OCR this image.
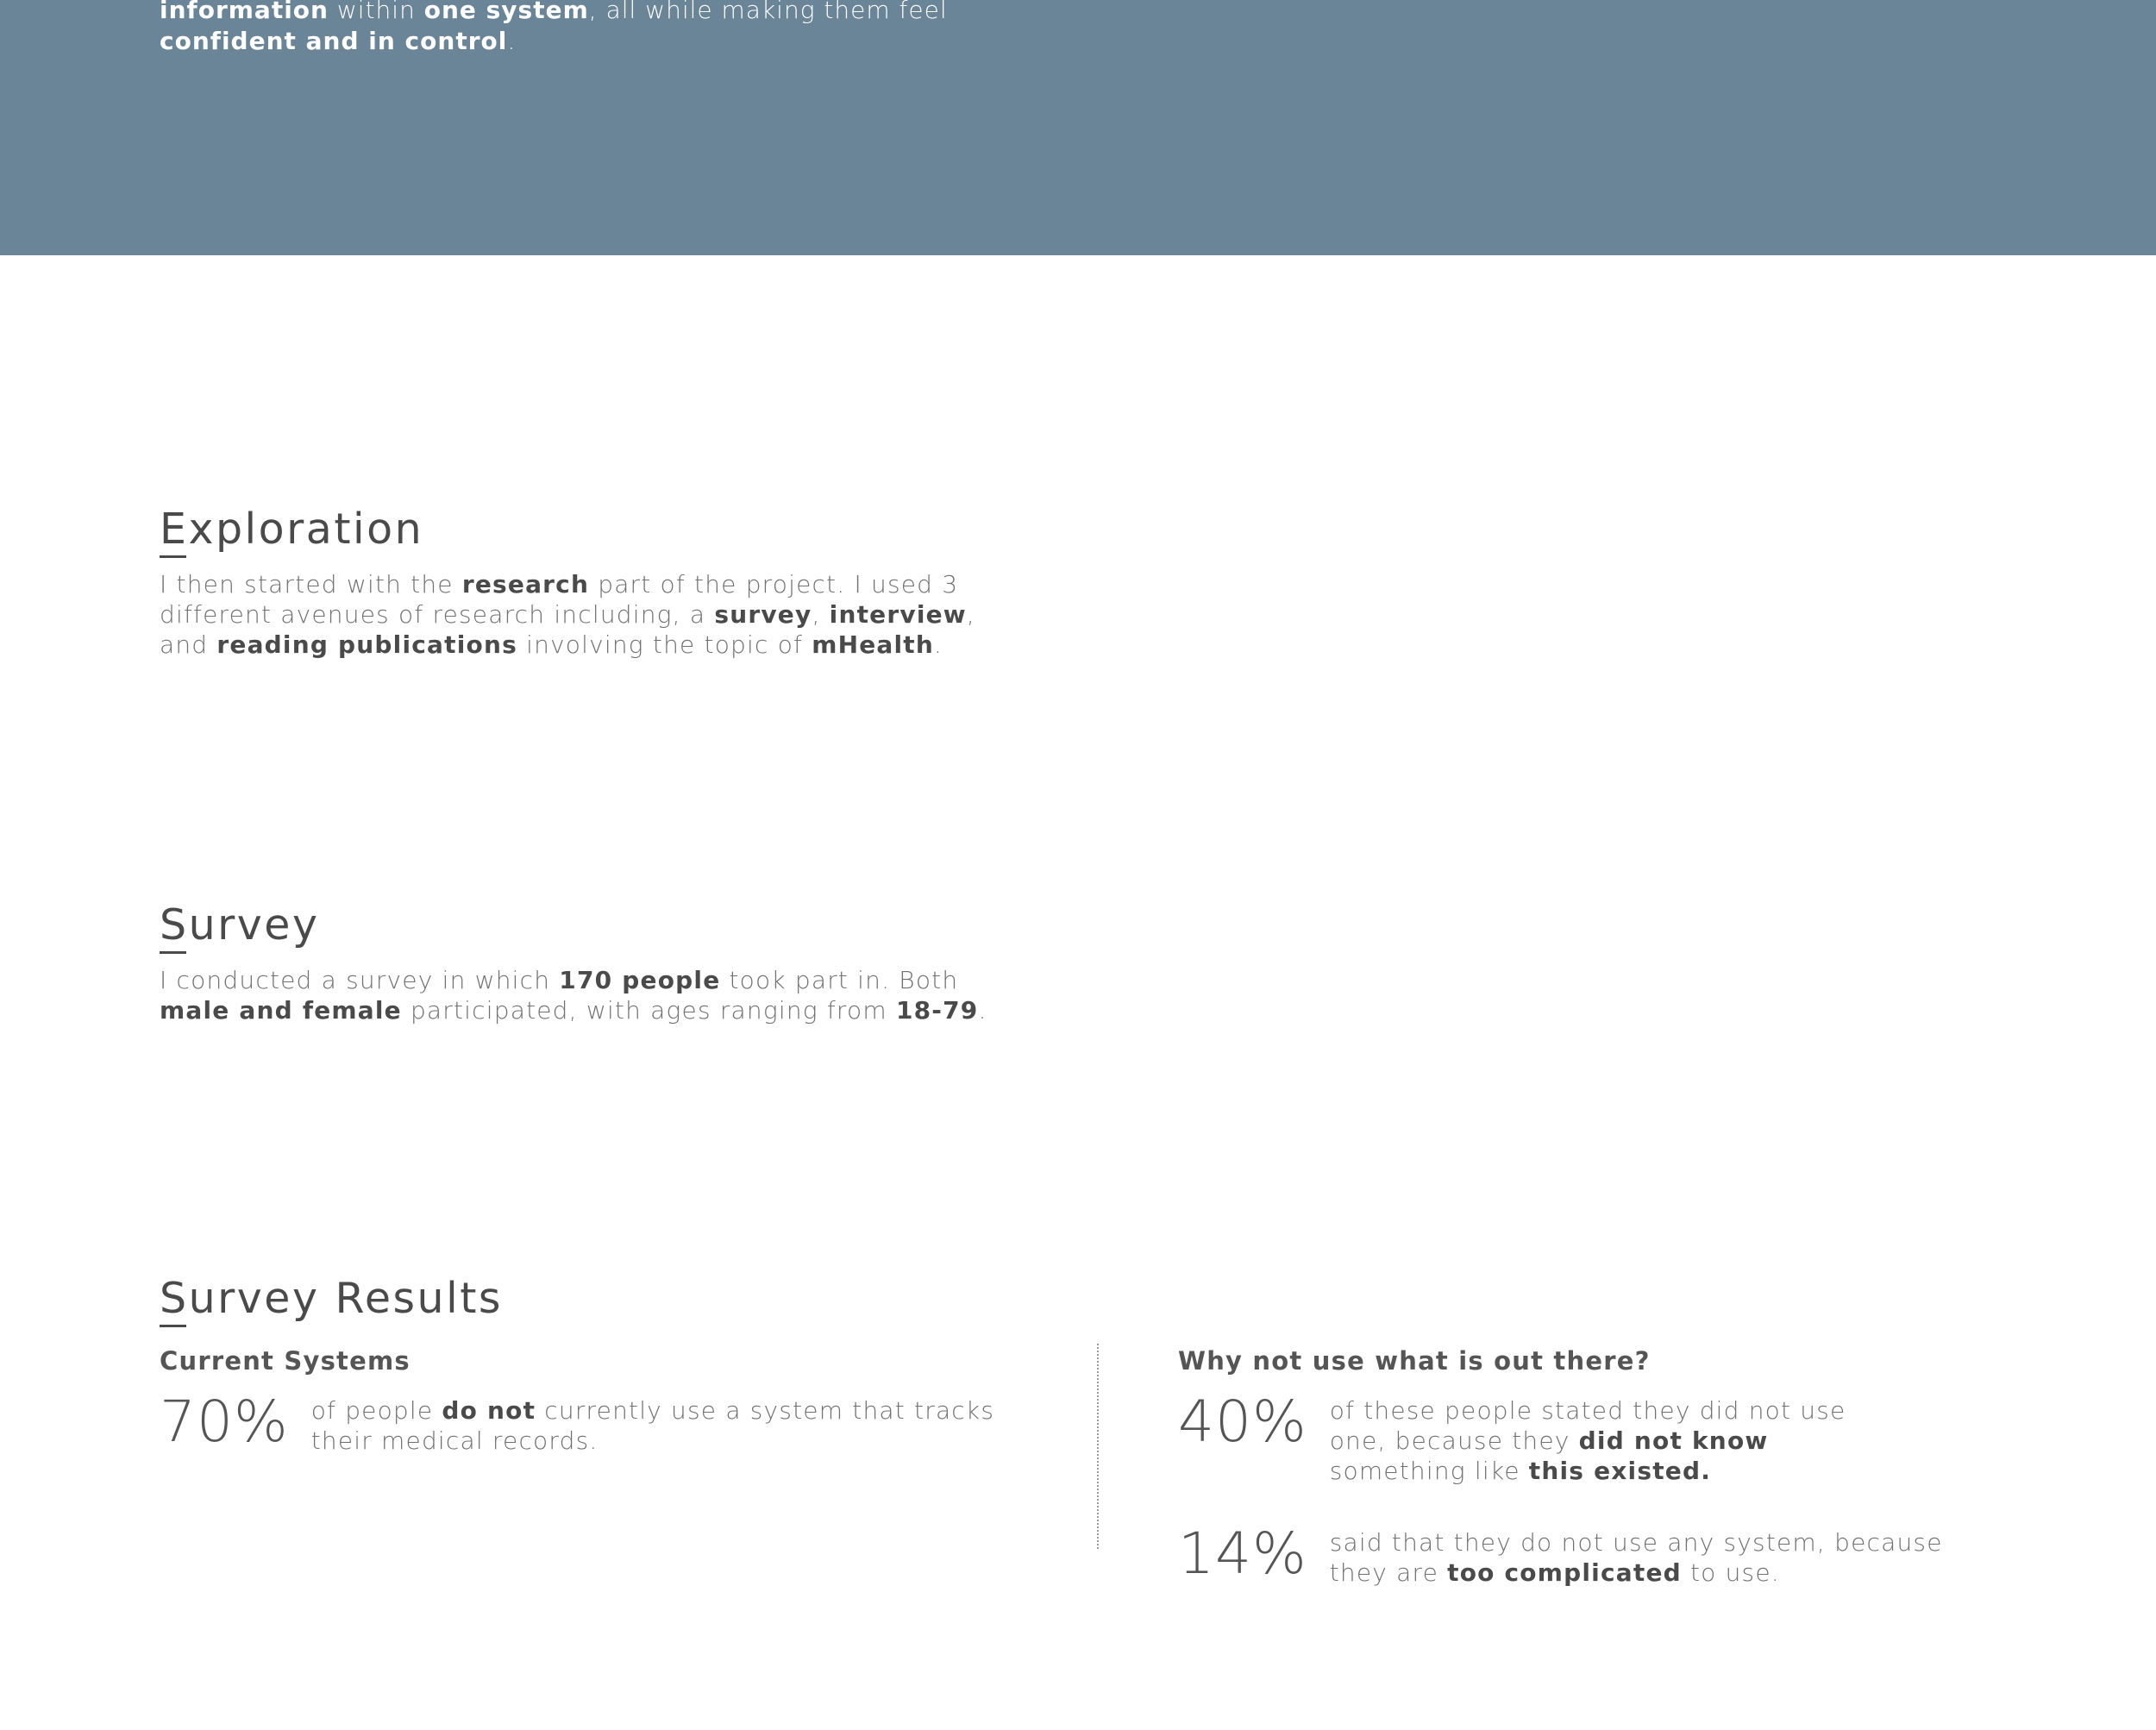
information within one system, all while making them feel
confident and in control.

Exploration

I then started with the research part of the project. I used 3 different avenues of research including, a survey, interview, and reading publications involving the topic of mHealth.

Survey

I conducted a survey in which 170 people took part in. Both male and female participated, with ages ranging from 18-79.

Survey Results
Current Systems
70% of people do not currently use a system that tracks their medical records.

Why not use what is out there?
40% of these people stated they did not use one, because they did not know something like this existed.

14% said that they do not use any system, because they are too complicated to use.
